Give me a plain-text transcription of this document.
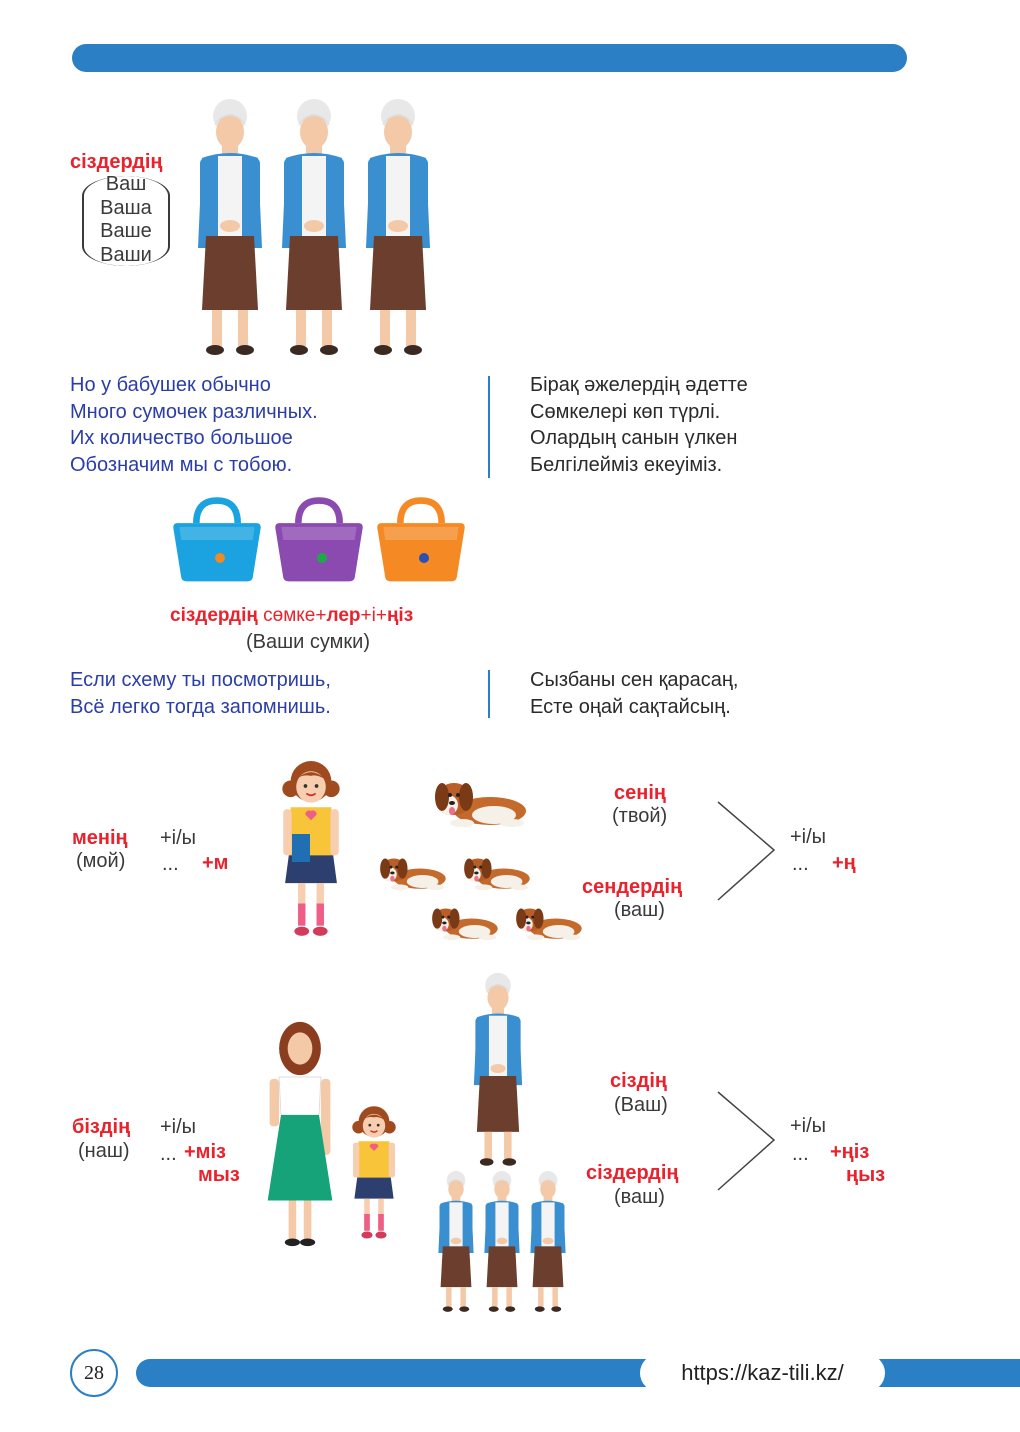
сіздердің
Ваш
Ваша
Ваше
Ваши
Но у бабушек обычно
Много сумочек различных.
Их количество большое
Обозначим мы с тобою.
Бірақ әжелердің әдетте
Сөмкелері көп түрлі.
Олардың санын үлкен
Белгілейміз екеуіміз.
сіздердің сөмке+лер+і+ңіз
(Ваши сумки)
Если схему ты посмотришь,
Всё легко тогда запомнишь.
Сызбаны сен қарасаң,
Есте оңай сақтайсың.
менің
(мой)
+і/ы
... +м
сенің
(твой)
сендердің
(ваш)
+і/ы
... +ң
біздің
(наш)
+і/ы
... +міз
мыз
сіздің
(Ваш)
сіздердің
(ваш)
+і/ы
... +ңіз
ңыз
28	https://kaz-tili.kz/
